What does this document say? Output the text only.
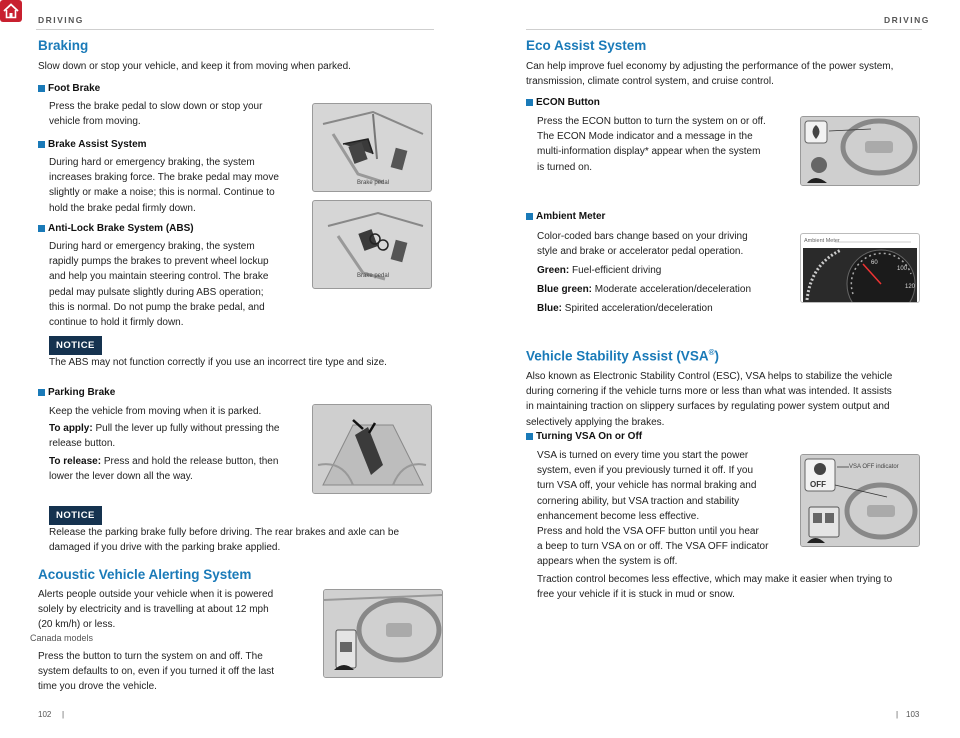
DRIVING	DRIVING
Braking
Slow down or stop your vehicle, and keep it from moving when parked.
Foot Brake
Press the brake pedal to slow down or stop your
vehicle from moving.
Brake Assist System
During hard or emergency braking, the system
increases braking force. The brake pedal may move
slightly or make a noise; this is normal. Continue to
hold the brake pedal firmly down.
Anti-Lock Brake System (ABS)
During hard or emergency braking, the system
rapidly pumps the brakes to prevent wheel lockup
and help you maintain steering control. The brake
pedal may pulsate slightly during ABS operation;
this is normal. Do not pump the brake pedal, and
continue to hold it firmly down.
Brake pedal
Brake pedal
NOTICE
The ABS may not function correctly if you use an incorrect tire type and size.
Parking Brake
Keep the vehicle from moving when it is parked.
To apply: Pull the lever up fully without pressing the
release button.
To release: Press and hold the release button, then
lower the lever down all the way.
NOTICE
Release the parking brake fully before driving. The rear brakes and axle can be
damaged if you drive with the parking brake applied.
Acoustic Vehicle Alerting System
Alerts people outside your vehicle when it is powered
solely by electricity and is travelling at about 12 mph
(20 km/h) or less.
Canada models
Press the button to turn the system on and off. The
system defaults to on, even if you turned it off the last
time you drove the vehicle.
102 |
Eco Assist System
Can help improve fuel economy by adjusting the performance of the power system,
transmission, climate control system, and cruise control.
ECON Button
Press the ECON button to turn the system on or off.
The ECON Mode indicator and a message in the
multi-information display* appear when the system
is turned on.
Ambient Meter
Color-coded bars change based on your driving
style and brake or accelerator pedal operation.
Green: Fuel-efficient driving
Blue green: Moderate acceleration/deceleration
Blue: Spirited acceleration/deceleration
Ambient Meter
100
60
120
Vehicle Stability Assist (VSA®)
Also known as Electronic Stability Control (ESC), VSA helps to stabilize the vehicle
during cornering if the vehicle turns more or less than what was intended. It assists
in maintaining traction on slippery surfaces by regulating power system output and
selectively applying the brakes.
Turning VSA On or Off
VSA is turned on every time you start the power
system, even if you previously turned it off. If you
turn VSA off, your vehicle has normal braking and
cornering ability, but VSA traction and stability
enhancement become less effective.
Press and hold the VSA OFF button until you hear
a beep to turn VSA on or off. The VSA OFF indicator
appears when the system is off.
Traction control becomes less effective, which may make it easier when trying to
free your vehicle if it is stuck in mud or snow.
VSA OFF indicator
OFF
| 103
